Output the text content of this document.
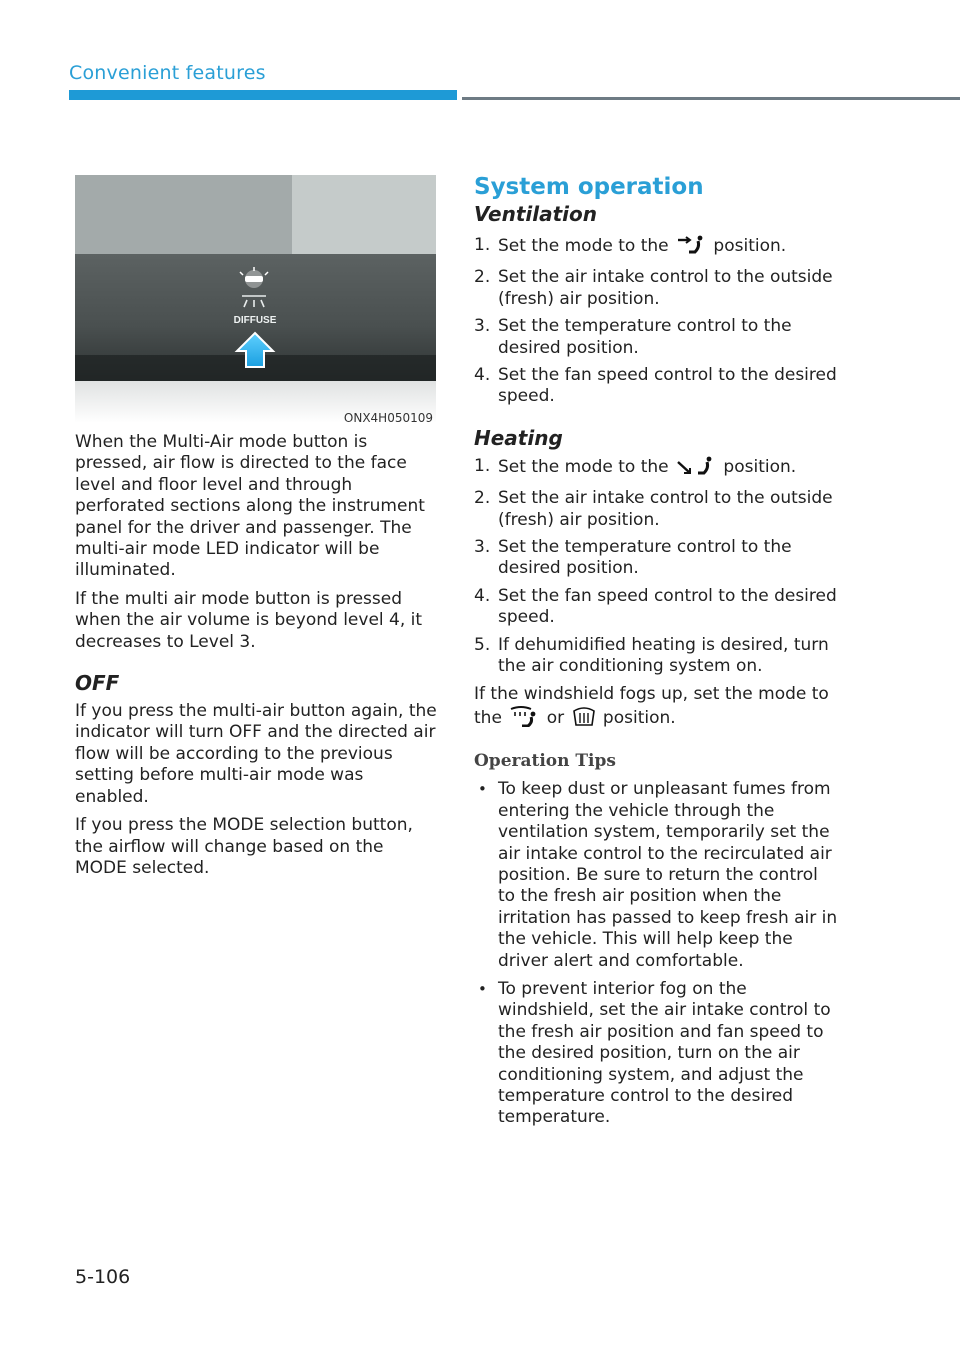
Convenient features
DIFFUSE
ONX4H050109

When the Multi-Air mode button is pressed, air flow is directed to the face level and floor level and through perforated sections along the instrument panel for the driver and passenger. The multi-air mode LED indicator will be illuminated.

If the multi air mode button is pressed when the air volume is beyond level 4, it decreases to Level 3.

OFF

If you press the multi-air button again, the indicator will turn OFF and the directed air flow will be according to the previous setting before multi-air mode was enabled.

If you press the MODE selection button, the airflow will change based on the MODE selected.

System operation
Ventilation
1. Set the mode to the	position.
2. Set the air intake control to the outside (fresh) air position.
3. Set the temperature control to the desired position.
4. Set the fan speed control to the desired speed.
Heating
1. Set the mode to the	position.
2. Set the air intake control to the outside (fresh) air position.
3. Set the temperature control to the desired position.
4. Set the fan speed control to the desired speed.
5. If dehumidified heating is desired, turn the air conditioning system on.

If the windshield fogs up, set the mode to the	or position.

Operation Tips
• To keep dust or unpleasant fumes from entering the vehicle through the ventilation system, temporarily set the air intake control to the recirculated air position. Be sure to return the control to the fresh air position when the irritation has passed to keep fresh air in the vehicle. This will help keep the driver alert and comfortable.
• To prevent interior fog on the windshield, set the air intake control to the fresh air position and fan speed to the desired position, turn on the air conditioning system, and adjust the temperature control to the desired temperature.
5-106
